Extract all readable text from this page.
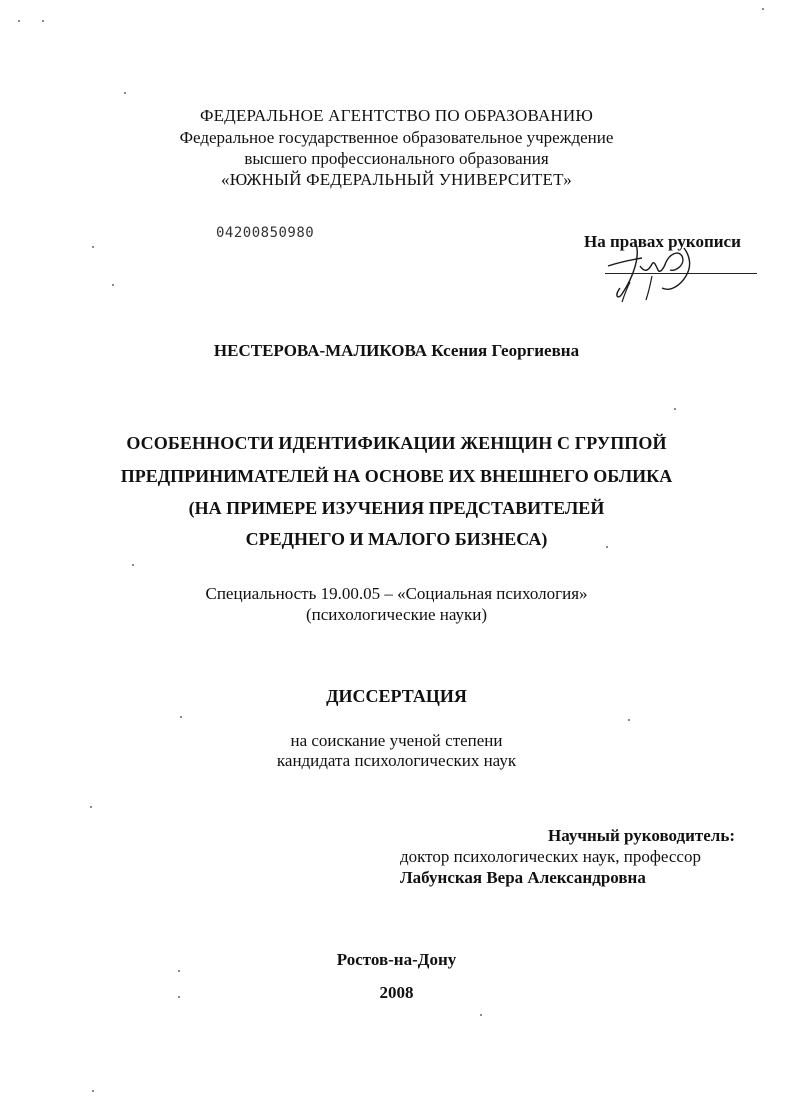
ФЕДЕРАЛЬНОЕ АГЕНТСТВО ПО ОБРАЗОВАНИЮ
Федеральное государственное образовательное учреждение
высшего профессионального образования
«ЮЖНЫЙ ФЕДЕРАЛЬНЫЙ УНИВЕРСИТЕТ»
04200850980	На правах рукописи
НЕСТЕРОВА-МАЛИКОВА Ксения Георгиевна
ОСОБЕННОСТИ ИДЕНТИФИКАЦИИ ЖЕНЩИН С ГРУППОЙ
ПРЕДПРИНИМАТЕЛЕЙ НА ОСНОВЕ ИХ ВНЕШНЕГО ОБЛИКА
(НА ПРИМЕРЕ ИЗУЧЕНИЯ ПРЕДСТАВИТЕЛЕЙ
СРЕДНЕГО И МАЛОГО БИЗНЕСА)
Специальность 19.00.05 – «Социальная психология»
(психологические науки)
ДИССЕРТАЦИЯ
на соискание ученой степени
кандидата психологических наук
Научный руководитель:
доктор психологических наук, профессор
Лабунская Вера Александровна
Ростов-на-Дону
2008
